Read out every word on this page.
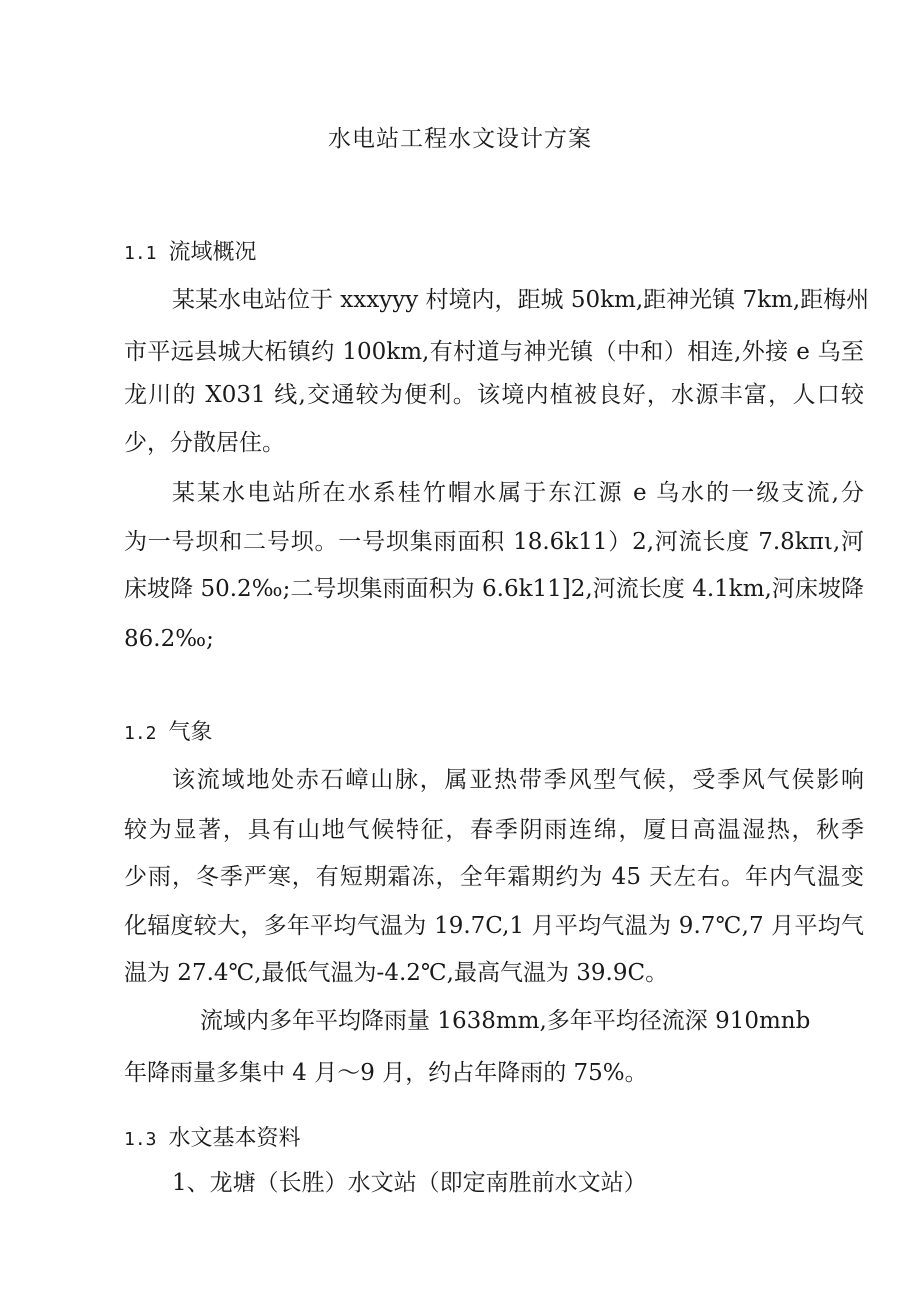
水电站工程水文设计方案
1.1 流域概况
某某水电站位于 xxxyyy 村境内，距城 50km,距神光镇 7km,距梅州
市平远县城大柘镇约 100km,有村道与神光镇（中和）相连,外接 e 乌至
龙川的 X031 线,交通较为便利。该境内植被良好，水源丰富，人口较
少，分散居住。
某某水电站所在水系桂竹帽水属于东江源 e 乌水的一级支流,分
为一号坝和二号坝。一号坝集雨面积 18.6k11）2,河流长度 7.8kπι,河
床坡降 50.2‰;二号坝集雨面积为 6.6k11]2,河流长度 4.1km,河床坡降
86.2‰;
1.2 气象
该流域地处赤石嶂山脉，属亚热带季风型气候，受季风气侯影响
较为显著，具有山地气候特征，春季阴雨连绵，厦日高温湿热，秋季
少雨，冬季严寒，有短期霜冻，全年霜期约为 45 天左右。年内气温变
化辐度较大，多年平均气温为 19.7C,1 月平均气温为 9.7℃,7 月平均气
温为 27.4℃,最低气温为-4.2℃,最高气温为 39.9C。
流域内多年平均降雨量 1638mm,多年平均径流深 910mnb
年降雨量多集中 4 月～9 月，约占年降雨的 75%。
1.3 水文基本资料
1、龙塘（长胜）水文站（即定南胜前水文站）
